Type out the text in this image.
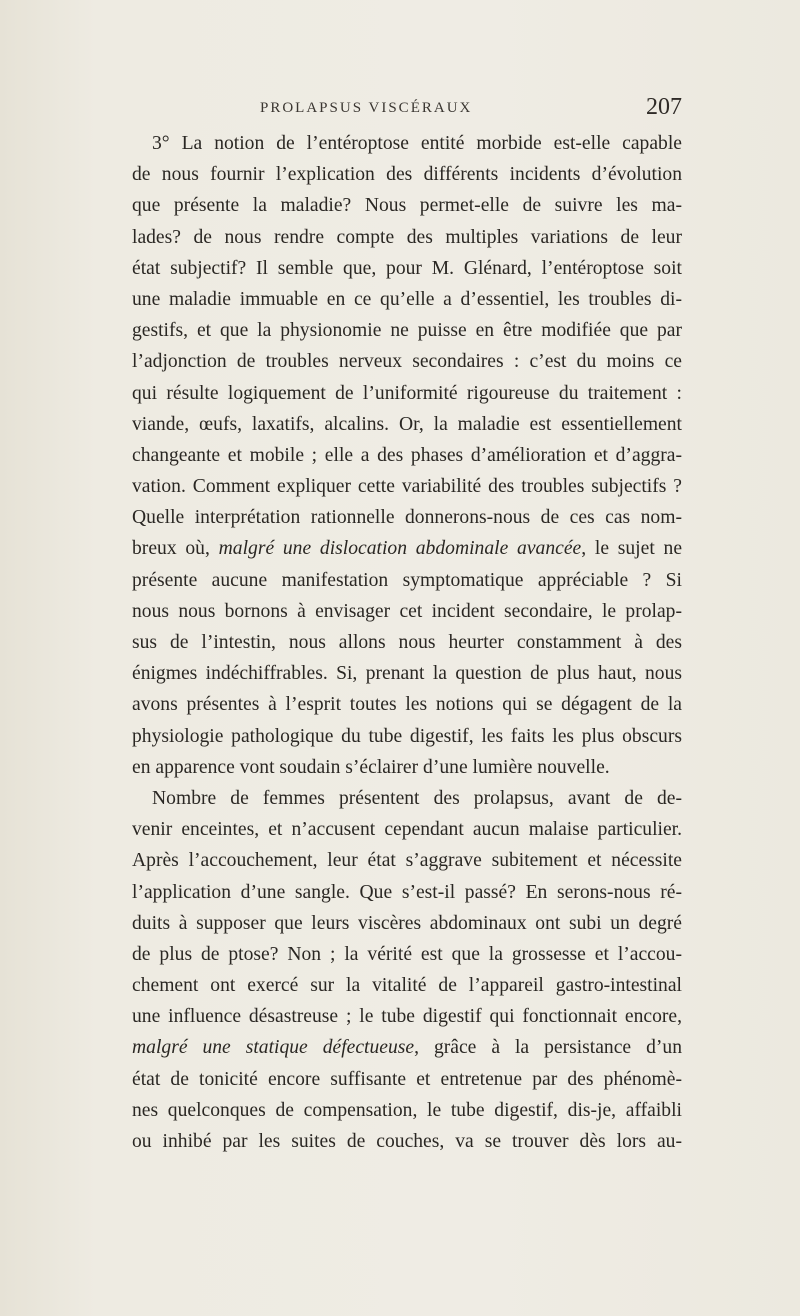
PROLAPSUS VISCÉRAUX	207
3° La notion de l’entéroptose entité morbide est-elle capable
de nous fournir l’explication des différents incidents d’évolution
que présente la maladie? Nous permet-elle de suivre les ma-
lades? de nous rendre compte des multiples variations de leur
état subjectif? Il semble que, pour M. Glénard, l’entéroptose soit
une maladie immuable en ce qu’elle a d’essentiel, les troubles di-
gestifs, et que la physionomie ne puisse en être modifiée que par
l’adjonction de troubles nerveux secondaires : c’est du moins ce
qui résulte logiquement de l’uniformité rigoureuse du traitement :
viande, œufs, laxatifs, alcalins. Or, la maladie est essentiellement
changeante et mobile ; elle a des phases d’amélioration et d’aggra-
vation. Comment expliquer cette variabilité des troubles subjectifs ?
Quelle interprétation rationnelle donnerons-nous de ces cas nom-
breux où, malgré une dislocation abdominale avancée, le sujet ne
présente aucune manifestation symptomatique appréciable ? Si
nous nous bornons à envisager cet incident secondaire, le prolap-
sus de l’intestin, nous allons nous heurter constamment à des
énigmes indéchiffrables. Si, prenant la question de plus haut, nous
avons présentes à l’esprit toutes les notions qui se dégagent de la
physiologie pathologique du tube digestif, les faits les plus obscurs
en apparence vont soudain s’éclairer d’une lumière nouvelle.
Nombre de femmes présentent des prolapsus, avant de de-
venir enceintes, et n’accusent cependant aucun malaise particulier.
Après l’accouchement, leur état s’aggrave subitement et nécessite
l’application d’une sangle. Que s’est-il passé? En serons-nous ré-
duits à supposer que leurs viscères abdominaux ont subi un degré
de plus de ptose? Non ; la vérité est que la grossesse et l’accou-
chement ont exercé sur la vitalité de l’appareil gastro-intestinal
une influence désastreuse ; le tube digestif qui fonctionnait encore,
malgré une statique défectueuse, grâce à la persistance d’un
état de tonicité encore suffisante et entretenue par des phénomè-
nes quelconques de compensation, le tube digestif, dis-je, affaibli
ou inhibé par les suites de couches, va se trouver dès lors au-
